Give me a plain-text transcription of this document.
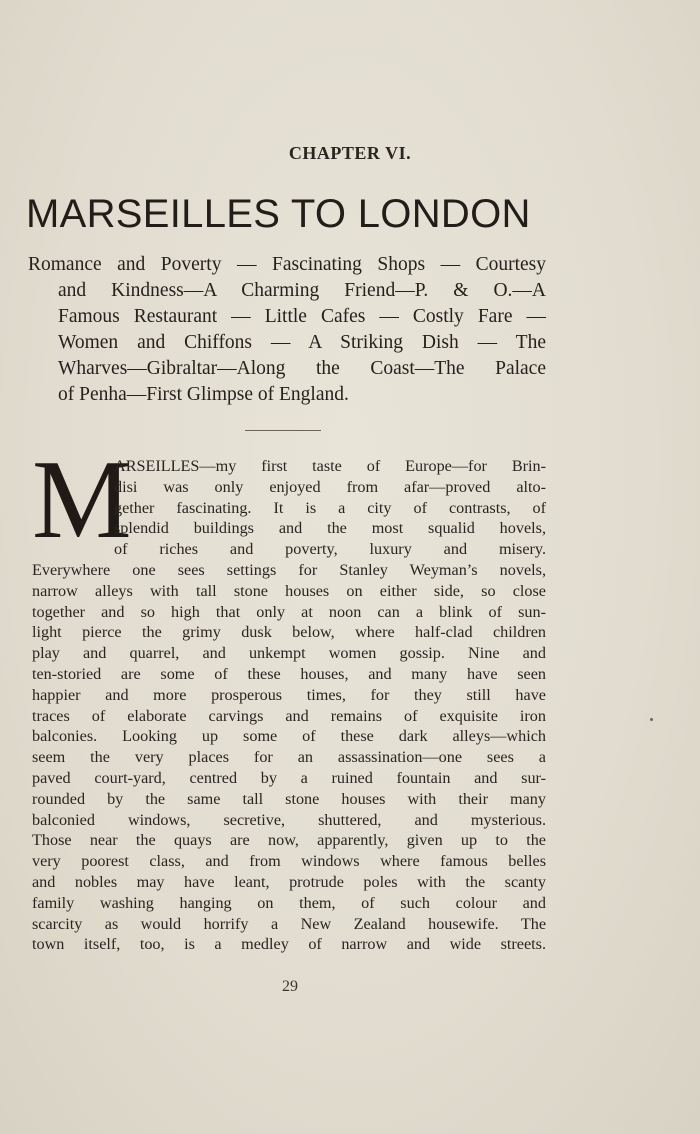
CHAPTER VI.
MARSEILLES TO LONDON
Romance and Poverty — Fascinating Shops — Courtesy
and Kindness—A Charming Friend—P. & O.—A
Famous Restaurant — Little Cafes — Costly Fare —
Women and Chiffons — A Striking Dish — The
Wharves—Gibraltar—Along the Coast—The Palace
of Penha—First Glimpse of England.
M
ARSEILLES—my first taste of Europe—for Brin-
disi was only enjoyed from afar—proved alto-
gether fascinating. It is a city of contrasts, of
splendid buildings and the most squalid hovels,
of riches and poverty, luxury and misery.
Everywhere one sees settings for Stanley Weyman’s novels,
narrow alleys with tall stone houses on either side, so close
together and so high that only at noon can a blink of sun-
light pierce the grimy dusk below, where half-clad children
play and quarrel, and unkempt women gossip. Nine and
ten-storied are some of these houses, and many have seen
happier and more prosperous times, for they still have
traces of elaborate carvings and remains of exquisite iron
balconies. Looking up some of these dark alleys—which
seem the very places for an assassination—one sees a
paved court-yard, centred by a ruined fountain and sur-
rounded by the same tall stone houses with their many
balconied windows, secretive, shuttered, and mysterious.
Those near the quays are now, apparently, given up to the
very poorest class, and from windows where famous belles
and nobles may have leant, protrude poles with the scanty
family washing hanging on them, of such colour and
scarcity as would horrify a New Zealand housewife. The
town itself, too, is a medley of narrow and wide streets.
29
